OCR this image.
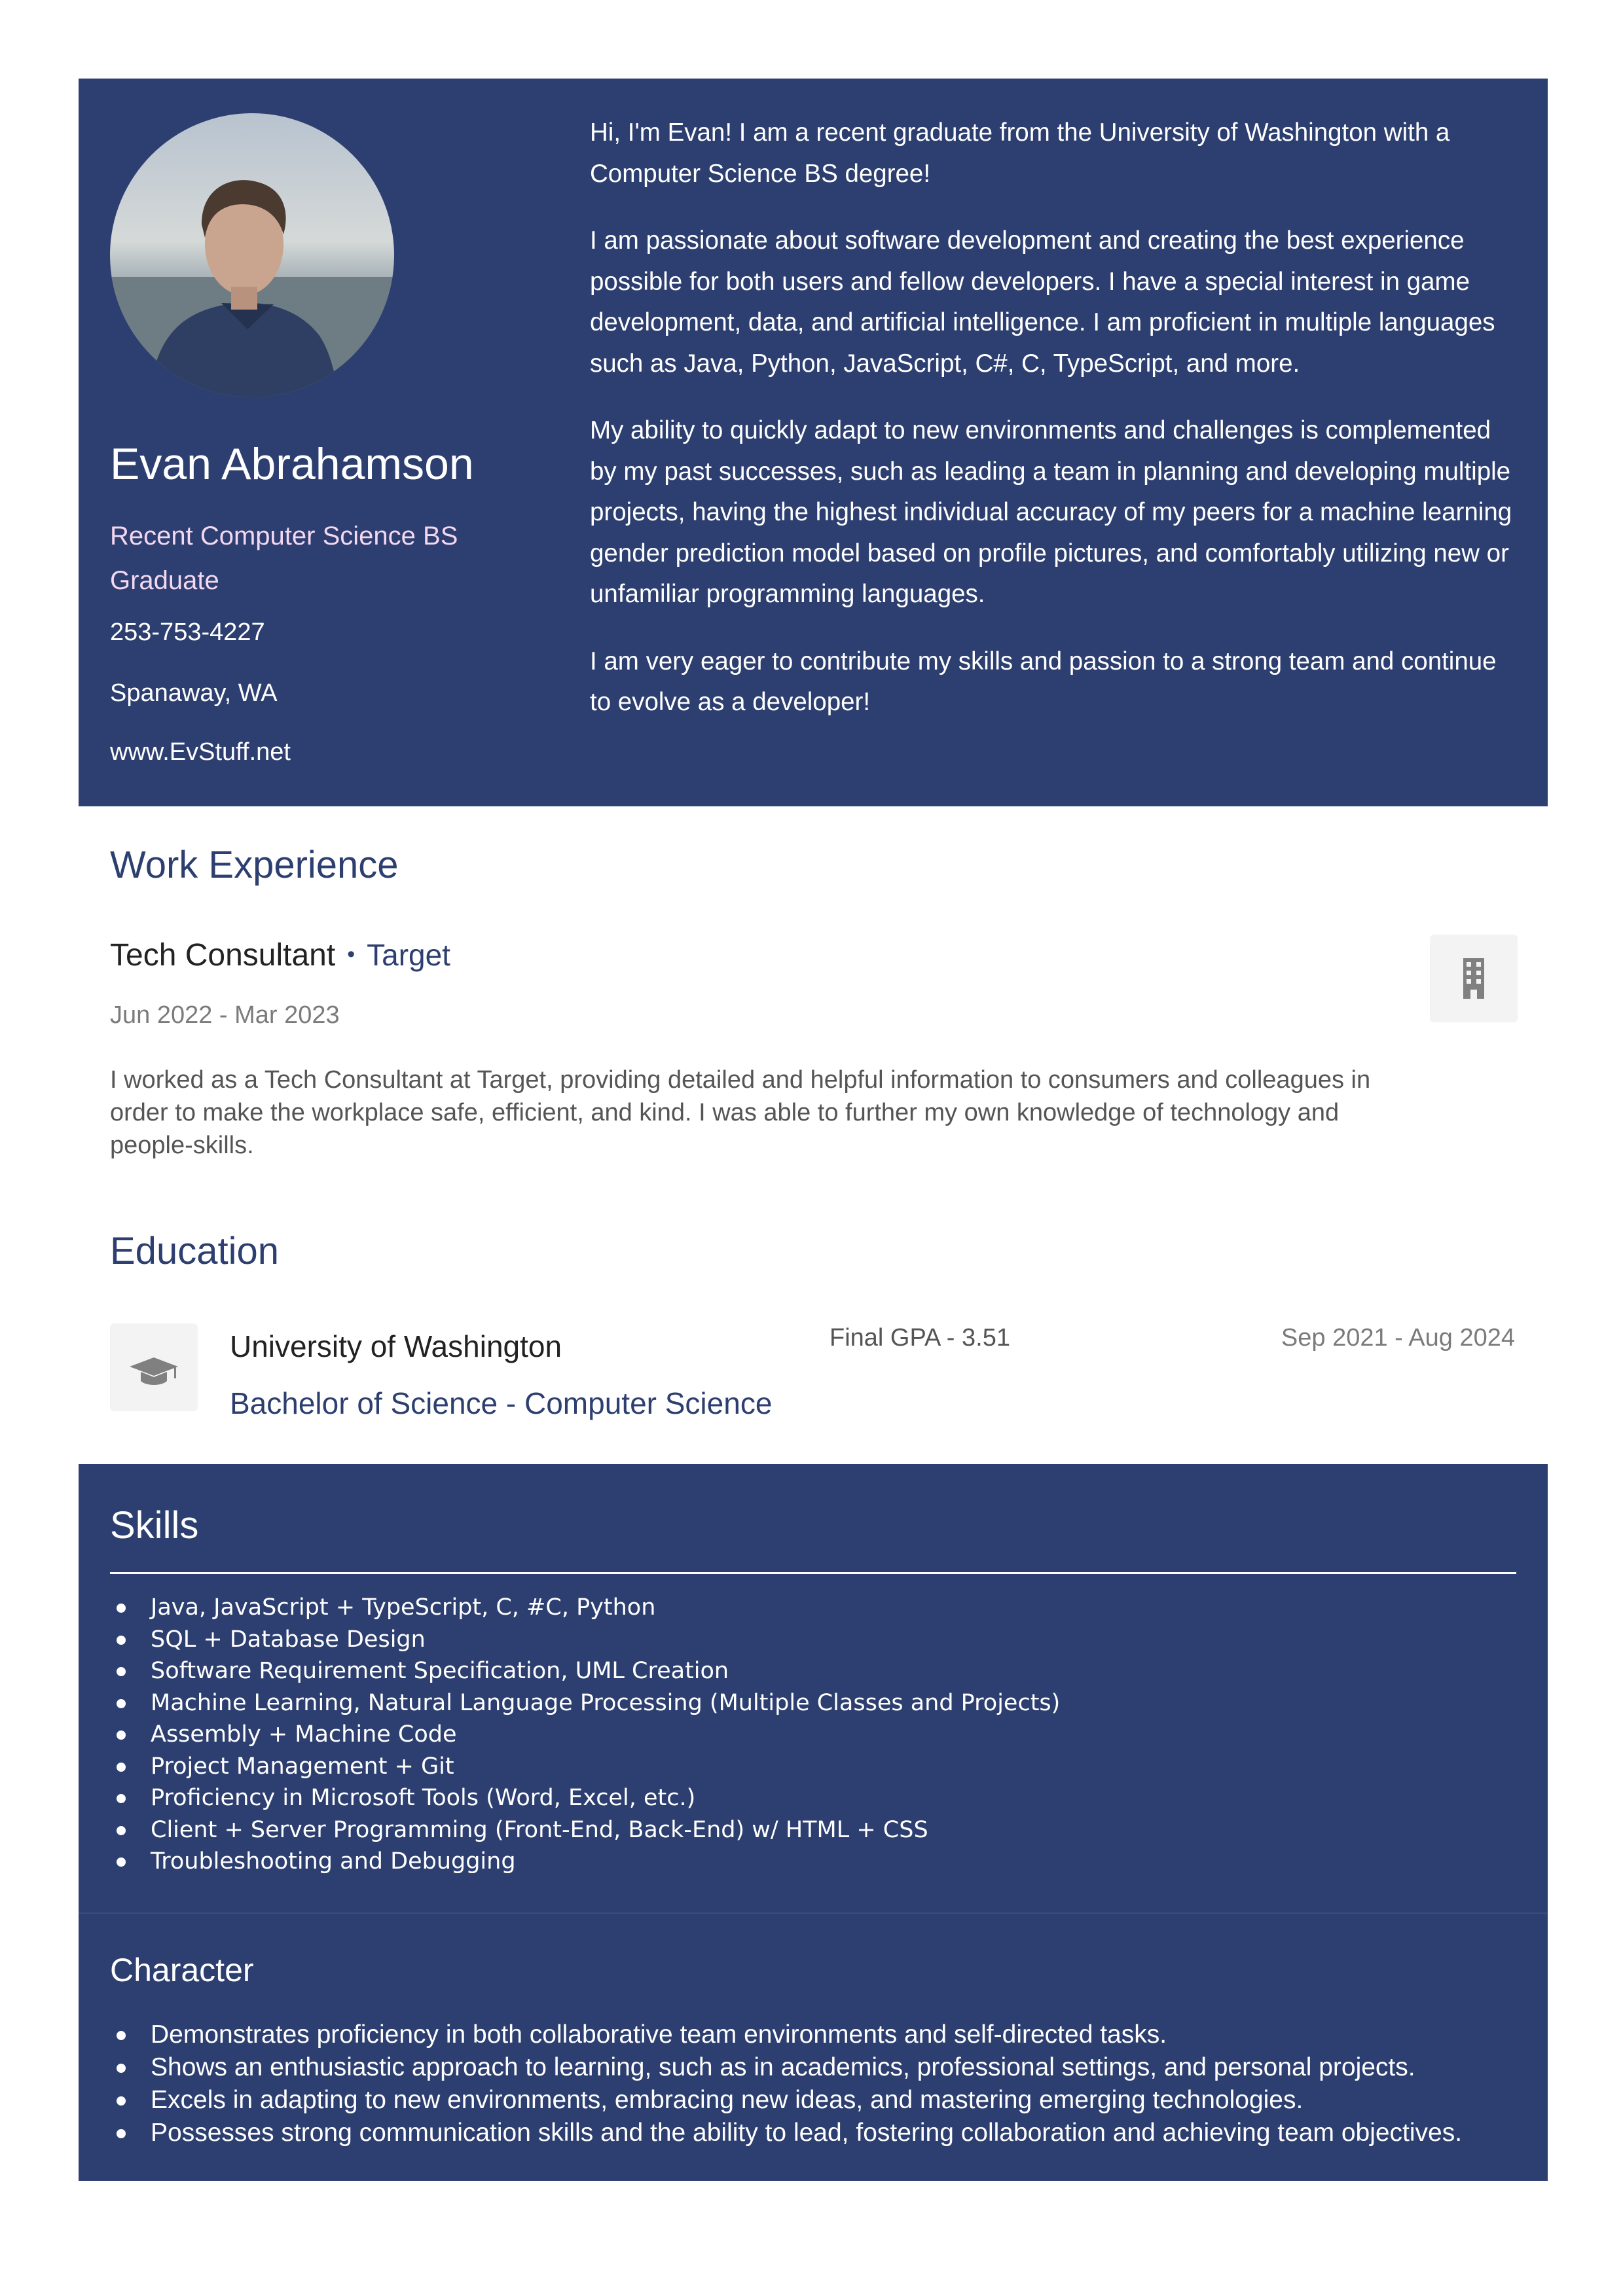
Evan Abrahamson
Recent Computer Science BS Graduate
253-753-4227
Spanaway, WA
www.EvStuff.net

Hi, I'm Evan! I am a recent graduate from the University of Washington with a Computer Science BS degree!

I am passionate about software development and creating the best experience possible for both users and fellow developers. I have a special interest in game development, data, and artificial intelligence. I am proficient in multiple languages such as Java, Python, JavaScript, C#, C, TypeScript, and more.

My ability to quickly adapt to new environments and challenges is complemented by my past successes, such as leading a team in planning and developing multiple projects, having the highest individual accuracy of my peers for a machine learning gender prediction model based on profile pictures, and comfortably utilizing new or unfamiliar programming languages.

I am very eager to contribute my skills and passion to a strong team and continue to evolve as a developer!

Work Experience
Tech Consultant • Target
Jun 2022 - Mar 2023
I worked as a Tech Consultant at Target, providing detailed and helpful information to consumers and colleagues in order to make the workplace safe, efficient, and kind. I was able to further my own knowledge of technology and people-skills.
Education
University of Washington
Bachelor of Science - Computer Science
Final GPA - 3.51	Sep 2021 - Aug 2024
Skills
Java, JavaScript + TypeScript, C, #C, Python
SQL + Database Design
Software Requirement Specification, UML Creation
Machine Learning, Natural Language Processing (Multiple Classes and Projects)
Assembly + Machine Code
Project Management + Git
Proficiency in Microsoft Tools (Word, Excel, etc.)
Client + Server Programming (Front-End, Back-End) w/ HTML + CSS
Troubleshooting and Debugging
Character
Demonstrates proficiency in both collaborative team environments and self-directed tasks.
Shows an enthusiastic approach to learning, such as in academics, professional settings, and personal projects.
Excels in adapting to new environments, embracing new ideas, and mastering emerging technologies.
Possesses strong communication skills and the ability to lead, fostering collaboration and achieving team objectives.
